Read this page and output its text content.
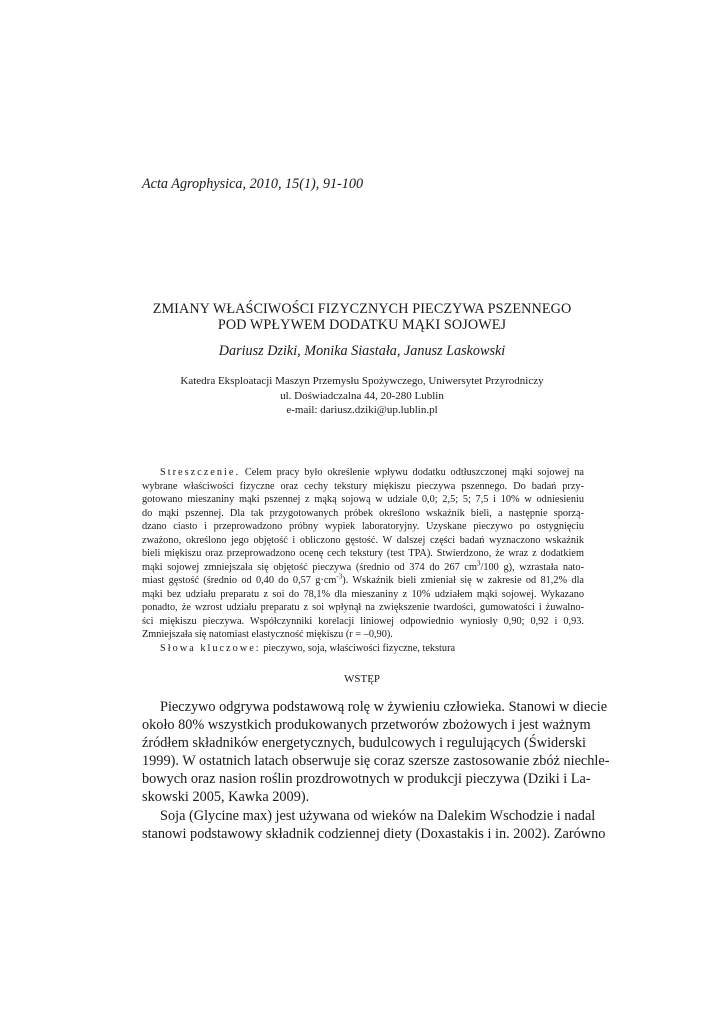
Acta Agrophysica, 2010, 15(1), 91-100
ZMIANY WŁAŚCIWOŚCI FIZYCZNYCH PIECZYWA PSZENNEGO
POD WPŁYWEM DODATKU MĄKI SOJOWEJ
Dariusz Dziki, Monika Siastała, Janusz Laskowski
Katedra Eksploatacji Maszyn Przemysłu Spożywczego, Uniwersytet Przyrodniczy
ul. Doświadczalna 44, 20-280 Lublin
e-mail: dariusz.dziki@up.lublin.pl
Streszczenie. Celem pracy było określenie wpływu dodatku odtłuszczonej mąki sojowej na
wybrane właściwości fizyczne oraz cechy tekstury miękiszu pieczywa pszennego. Do badań przy-
gotowano mieszaniny mąki pszennej z mąką sojową w udziale 0,0; 2,5; 5; 7,5 i 10% w odniesieniu
do mąki pszennej. Dla tak przygotowanych próbek określono wskaźnik bieli, a następnie sporzą-
dzano ciasto i przeprowadzono próbny wypiek laboratoryjny. Uzyskane pieczywo po ostygnięciu
zważono, określono jego objętość i obliczono gęstość. W dalszej części badań wyznaczono wskaźnik
bieli miękiszu oraz przeprowadzono ocenę cech tekstury (test TPA). Stwierdzono, że wraz z dodatkiem
mąki sojowej zmniejszała się objętość pieczywa (średnio od 374 do 267 $cm^3/100$ g), wzrastała nato-
miast gęstość (średnio od 0,40 do 0,57 $g\cdot cm^{-3}$). Wskaźnik bieli zmieniał się w zakresie od 81,2% dla
mąki bez udziału preparatu z soi do 78,1% dla mieszaniny z 10% udziałem mąki sojowej. Wykazano
ponadto, że wzrost udziału preparatu z soi wpłynął na zwiększenie twardości, gumowatości i żuwalno-
ści miękiszu pieczywa. Współczynniki korelacji liniowej odpowiednio wyniosły 0,90; 0,92 i 0,93.
Zmniejszała się natomiast elastyczność miękiszu (r = –0,90).
Słowa kluczowe: pieczywo, soja, właściwości fizyczne, tekstura
WSTĘP
Pieczywo odgrywa podstawową rolę w żywieniu człowieka. Stanowi w diecie
około 80% wszystkich produkowanych przetworów zbożowych i jest ważnym
źródłem składników energetycznych, budulcowych i regulujących (Świderski
1999). W ostatnich latach obserwuje się coraz szersze zastosowanie zbóż niechle-
bowych oraz nasion roślin prozdrowotnych w produkcji pieczywa (Dziki i La-
skowski 2005, Kawka 2009).
Soja (Glycine max) jest używana od wieków na Dalekim Wschodzie i nadal
stanowi podstawowy składnik codziennej diety (Doxastakis i in. 2002). Zarówno
